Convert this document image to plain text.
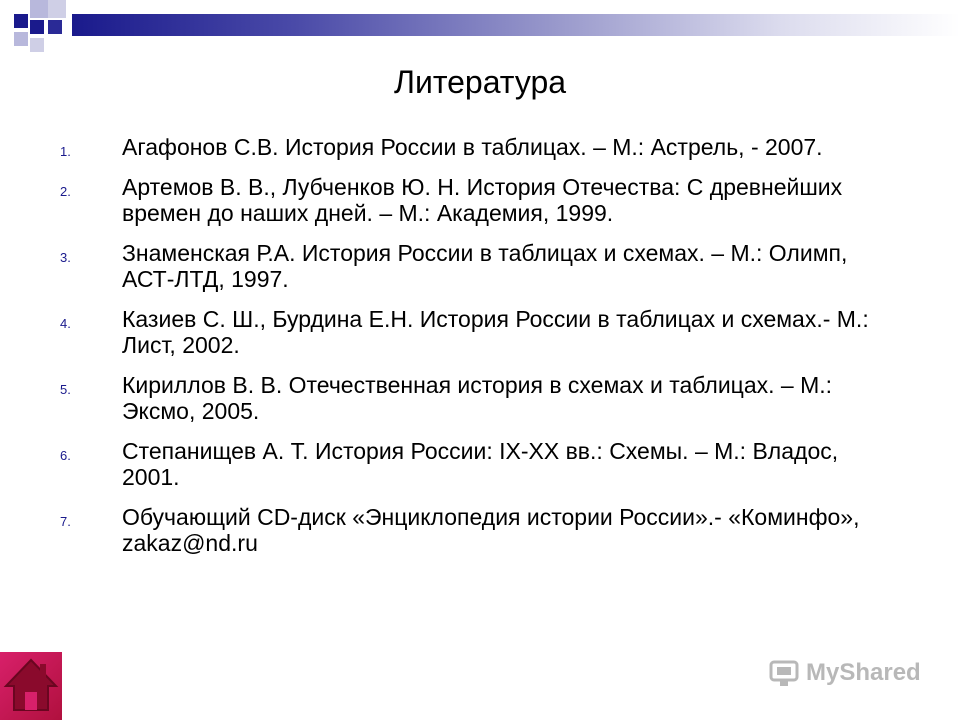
Литература
1. Агафонов С.В. История России в таблицах. – М.: Астрель, - 2007.
2. Артемов В. В., Лубченков Ю. Н. История Отечества: С древнейших времен до наших дней. – М.: Академия, 1999.
3. Знаменская Р.А. История России в таблицах и схемах. – М.: Олимп, АСТ-ЛТД, 1997.
4. Казиев С. Ш., Бурдина Е.Н. История России в таблицах и схемах.- М.: Лист, 2002.
5. Кириллов В. В. Отечественная история в схемах и таблицах. – М.: Эксмо, 2005.
6. Степанищев А. Т. История России: IX-XX вв.: Схемы. – М.: Владос, 2001.
7. Обучающий CD-диск «Энциклопедия истории России».- «Коминфо», zakaz@nd.ru
MyShared
